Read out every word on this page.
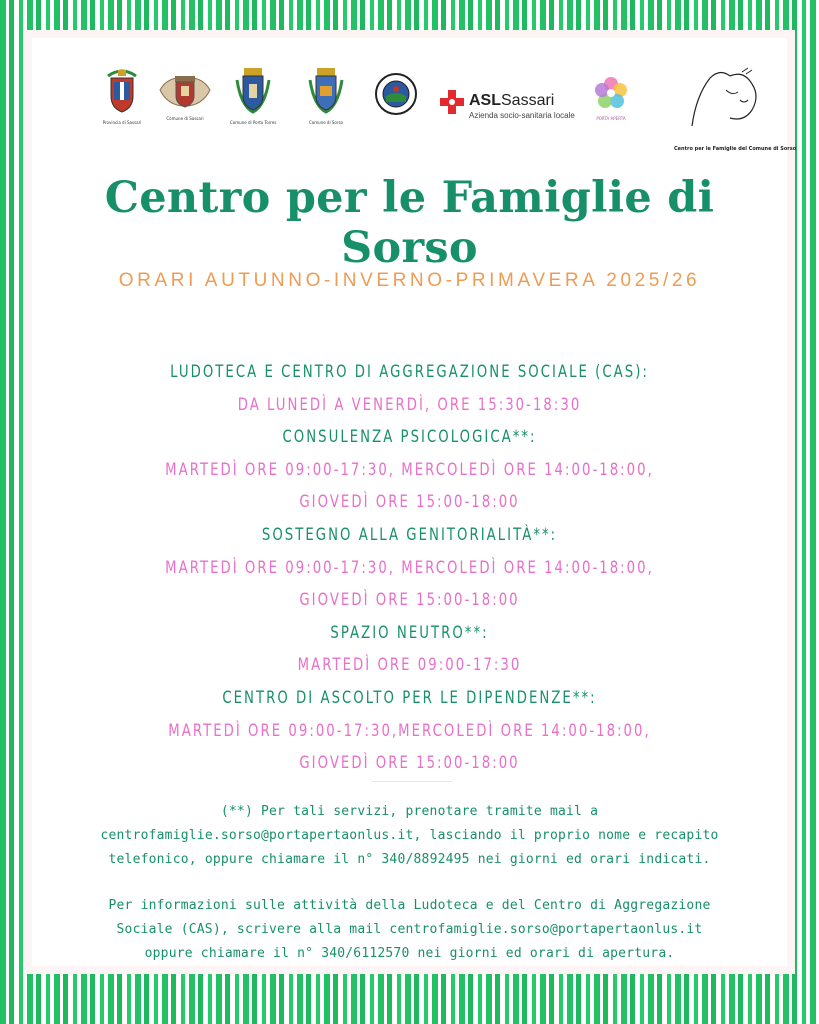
Provincia di Sassari
Comune di Sassari
Comune di Porto Torres	Comune di Sorso
ASLSassari
Azienda socio-sanitaria locale	PORTA APERTA
Centro per le Famiglie del Comune di Sorso
Centro per le Famiglie di Sorso
ORARI AUTUNNO-INVERNO-PRIMAVERA 2025/26
LUDOTECA E CENTRO DI AGGREGAZIONE SOCIALE (CAS):
DA LUNEDÌ A VENERDÌ, ORE 15:30-18:30
CONSULENZA PSICOLOGICA**:
MARTEDÌ ORE 09:00-17:30, MERCOLEDÌ ORE 14:00-18:00,
GIOVEDÌ ORE 15:00-18:00
SOSTEGNO ALLA GENITORIALITÀ**:
MARTEDÌ ORE 09:00-17:30, MERCOLEDÌ ORE 14:00-18:00,
GIOVEDÌ ORE 15:00-18:00
SPAZIO NEUTRO**:
MARTEDÌ ORE 09:00-17:30
CENTRO DI ASCOLTO PER LE DIPENDENZE**:
MARTEDÌ ORE 09:00-17:30,MERCOLEDÌ ORE 14:00-18:00,
GIOVEDÌ ORE 15:00-18:00
(**) Per tali servizi, prenotare tramite mail a
centrofamiglie.sorso@portapertaonlus.it, lasciando il proprio nome e recapito
telefonico, oppure chiamare il n° 340/8892495 nei giorni ed orari indicati.
Per informazioni sulle attività della Ludoteca e del Centro di Aggregazione
Sociale (CAS), scrivere alla mail centrofamiglie.sorso@portapertaonlus.it
oppure chiamare il n° 340/6112570 nei giorni ed orari di apertura.
